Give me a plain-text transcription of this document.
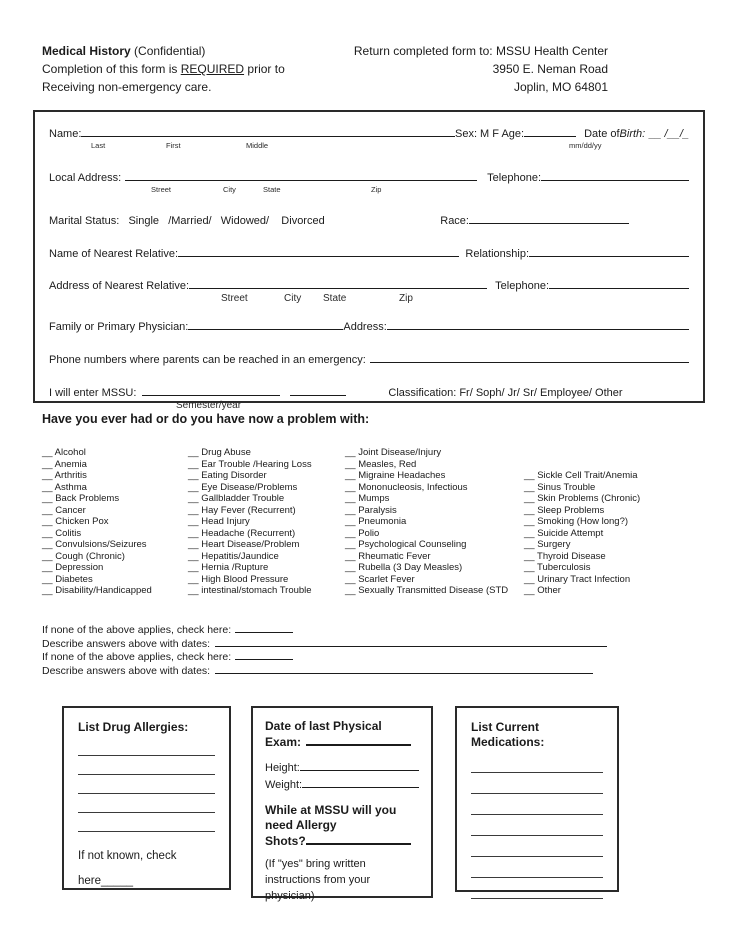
Medical History (Confidential)
Completion of this form is REQUIRED prior to
Receiving non-emergency care.
Return completed form to: MSSU Health Center
3950 E. Neman Road
Joplin, MO 64801
Name:	Sex: M F Age:	Date of Birth: __ /__/_
Last	First	Middle	mm/dd/yy
Local Address:	Telephone:
Street	City	State	Zip
Marital Status:   Single   /Married/   Widowed/    Divorced	Race:
Name of Nearest Relative:	Relationship:
Address of Nearest Relative:	Telephone:
Street	City State	Zip
Family or Primary Physician:	Address:
Phone numbers where parents can be reached in an emergency:
I will enter MSSU:	Classification: Fr/ Soph/ Jr/ Sr/ Employee/ Other
Semester/year
Have you ever had or do you have now a problem with:
__ Alcohol
__ Anemia
__ Arthritis
__ Asthma
__ Back Problems
__ Cancer
__ Chicken Pox
__ Colitis
__ Convulsions/Seizures
__ Cough (Chronic)
__ Depression
__ Diabetes
__ Disability/Handicapped
__ Drug Abuse
__ Ear Trouble /Hearing Loss
__ Eating Disorder
__ Eye Disease/Problems
__ Gallbladder Trouble
__ Hay Fever (Recurrent)
__ Head Injury
__ Headache (Recurrent)
__ Heart Disease/Problem
__ Hepatitis/Jaundice
__ Hernia /Rupture
__ High Blood Pressure
__ intestinal/stomach Trouble
__ Joint Disease/Injury
__ Measles, Red
__ Migraine Headaches
__ Mononucleosis, Infectious
__ Mumps
__ Paralysis
__ Pneumonia
__ Polio
__ Psychological Counseling
__ Rheumatic Fever
__ Rubella (3 Day Measles)
__ Scarlet Fever
__ Sexually Transmitted Disease (STD
__ Sickle Cell Trait/Anemia
__ Sinus Trouble
__ Skin Problems (Chronic)
__ Sleep Problems
__ Smoking (How long?)
__ Suicide Attempt
__ Surgery
__ Thyroid Disease
__ Tuberculosis
__ Urinary Tract Infection
__ Other
If none of the above applies, check here:
Describe answers above with dates:
If none of the above applies, check here:
Describe answers above with dates:
List Drug Allergies:
If not known, check
here_____
Date of last Physical
Exam:
Height:
Weight:
While at MSSU will you
need Allergy
Shots?
(If "yes" bring written
instructions from your
physician)
List Current
Medications:
